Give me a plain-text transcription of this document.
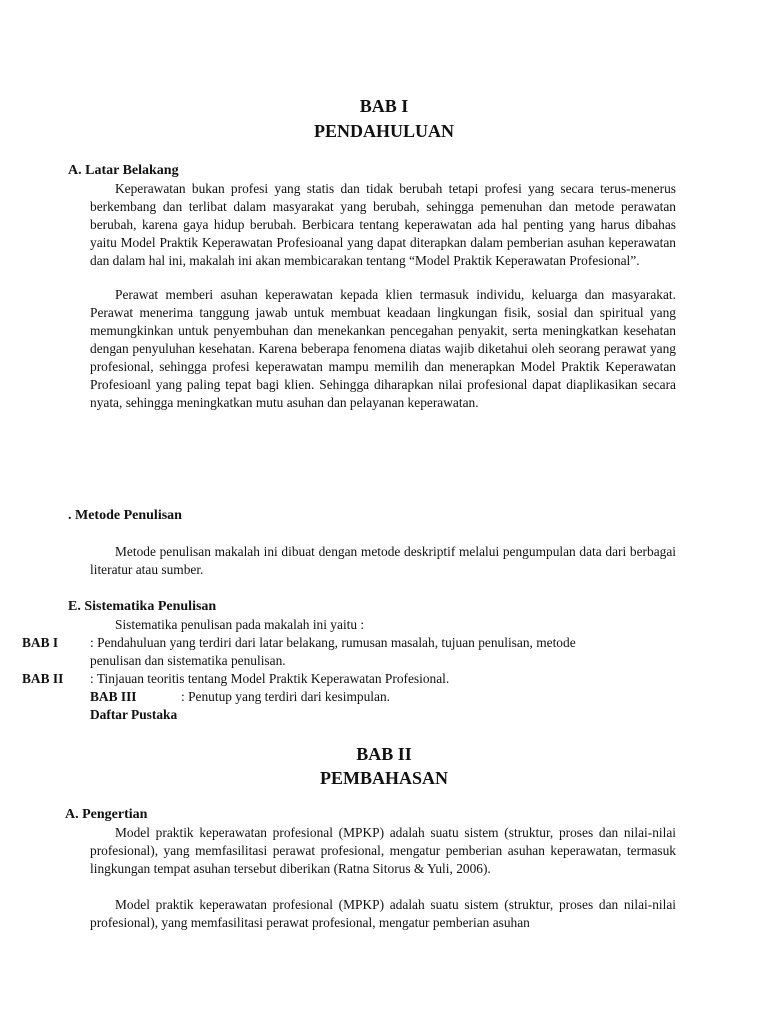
BAB I
PENDAHULUAN
A. Latar Belakang
Keperawatan bukan profesi yang statis dan tidak berubah tetapi profesi yang secara terus-menerus berkembang dan terlibat dalam masyarakat yang berubah, sehingga pemenuhan dan metode perawatan berubah, karena gaya hidup berubah. Berbicara tentang keperawatan ada hal penting yang harus dibahas yaitu Model Praktik Keperawatan Profesioanal yang dapat diterapkan dalam pemberian asuhan keperawatan dan dalam hal ini, makalah ini akan membicarakan tentang “Model Praktik Keperawatan Profesional”.
Perawat memberi asuhan keperawatan kepada klien termasuk individu, keluarga dan masyarakat. Perawat menerima tanggung jawab untuk membuat keadaan lingkungan fisik, sosial dan spiritual yang memungkinkan untuk penyembuhan dan menekankan pencegahan penyakit, serta meningkatkan kesehatan dengan penyuluhan kesehatan. Karena beberapa fenomena diatas wajib diketahui oleh seorang perawat yang profesional, sehingga profesi keperawatan mampu memilih dan menerapkan Model Praktik Keperawatan Profesioanl yang paling tepat bagi klien. Sehingga diharapkan nilai profesional dapat diaplikasikan secara nyata, sehingga meningkatkan mutu asuhan dan pelayanan keperawatan.
. Metode Penulisan
Metode penulisan makalah ini dibuat dengan metode deskriptif melalui pengumpulan data dari berbagai literatur atau sumber.
E. Sistematika Penulisan
Sistematika penulisan pada makalah ini yaitu :
BAB I : Pendahuluan yang terdiri dari latar belakang, rumusan masalah, tujuan penulisan, metode
penulisan dan sistematika penulisan.
BAB II : Tinjauan teoritis tentang Model Praktik Keperawatan Profesional.
BAB III	: Penutup yang terdiri dari kesimpulan.
Daftar Pustaka
BAB II
PEMBAHASAN
A. Pengertian
Model praktik keperawatan profesional (MPKP) adalah suatu sistem (struktur, proses dan nilai-nilai profesional), yang memfasilitasi perawat profesional, mengatur pemberian asuhan keperawatan, termasuk lingkungan tempat asuhan tersebut diberikan (Ratna Sitorus & Yuli, 2006).
Model praktik keperawatan profesional (MPKP) adalah suatu sistem (struktur, proses dan nilai-nilai profesional), yang memfasilitasi perawat profesional, mengatur pemberian asuhan
